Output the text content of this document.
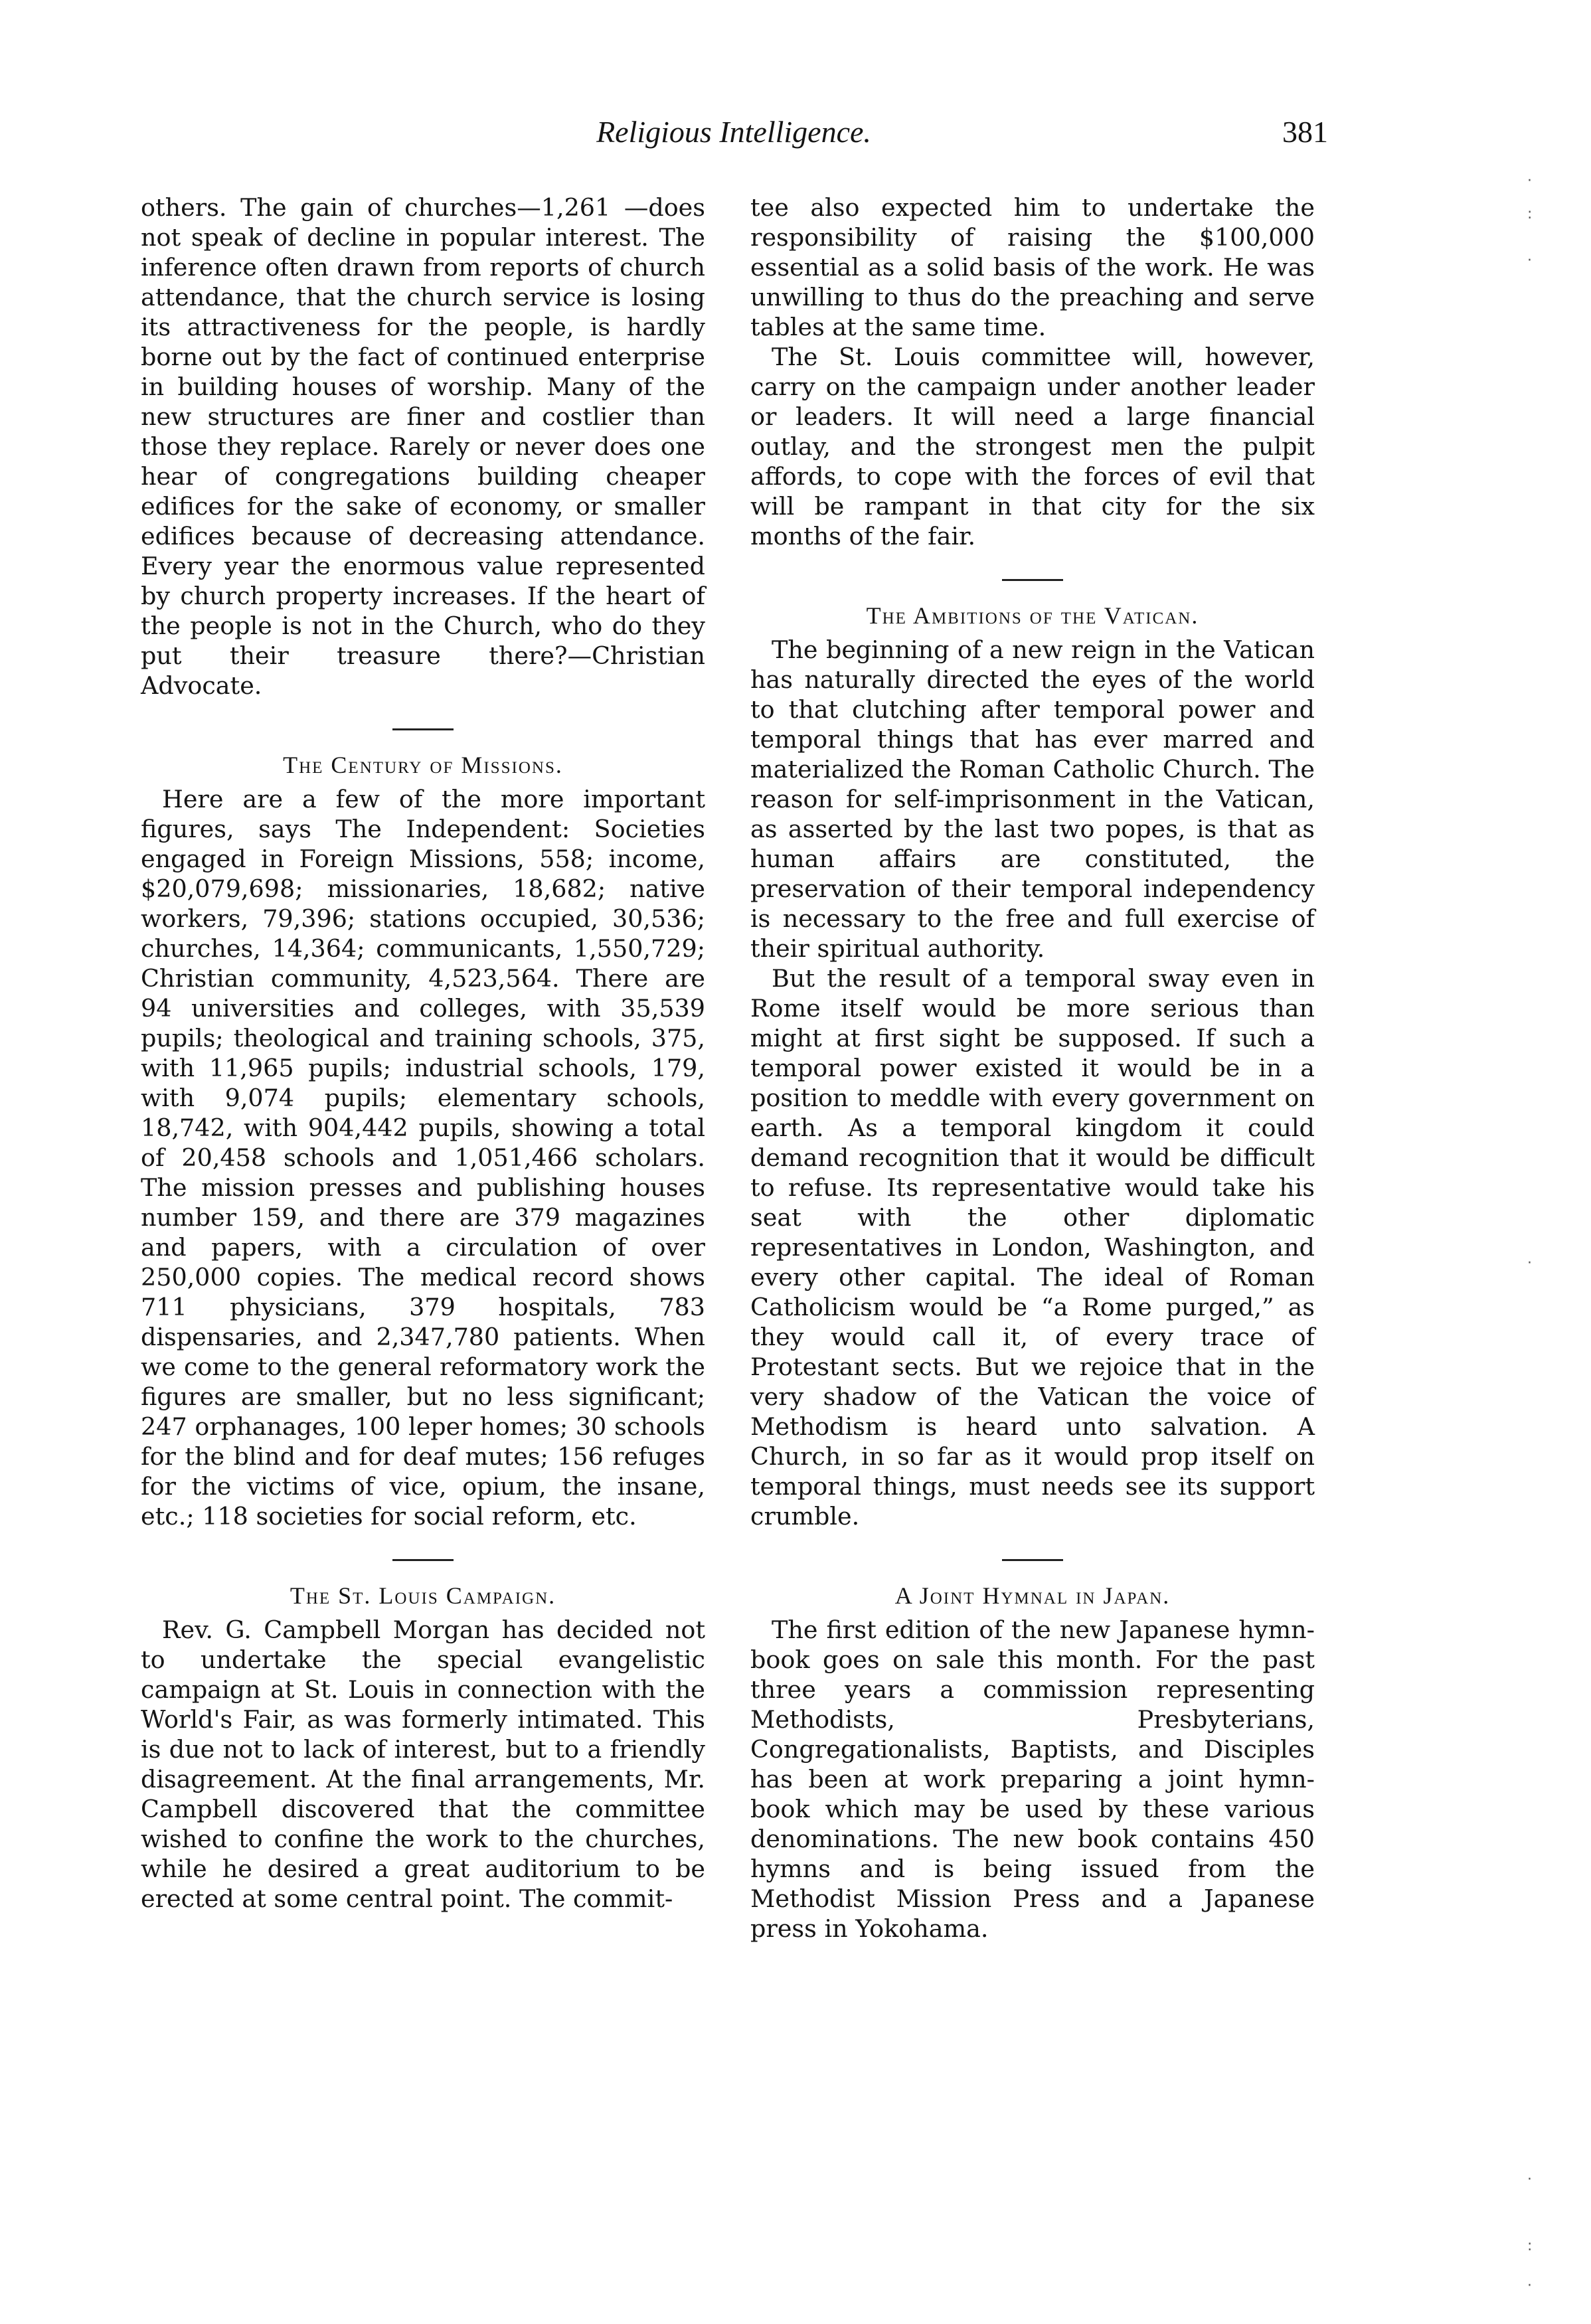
Religious Intelligence.	381

others. The gain of churches—1,261 —does not speak of decline in popular interest. The inference often drawn from reports of church attendance, that the church service is losing its attractiveness for the people, is hardly borne out by the fact of continued enterprise in building houses of worship. Many of the new structures are finer and costlier than those they replace. Rarely or never does one hear of congregations building cheaper edifices for the sake of economy, or smaller edifices because of decreasing attendance. Every year the enormous value represented by church property increases. If the heart of the people is not in the Church, who do they put their treasure there?—Christian Advocate.

The Century of Missions.

Here are a few of the more important figures, says The Independent: Societies engaged in Foreign Missions, 558; income, $20,079,698; missionaries, 18,682; native workers, 79,396; stations occupied, 30,536; churches, 14,364; communicants, 1,550,729; Christian community, 4,523,564. There are 94 universities and colleges, with 35,539 pupils; theological and training schools, 375, with 11,965 pupils; industrial schools, 179, with 9,074 pupils; elementary schools, 18,742, with 904,442 pupils, showing a total of 20,458 schools and 1,051,466 scholars. The mission presses and publishing houses number 159, and there are 379 magazines and papers, with a circulation of over 250,000 copies. The medical record shows 711 physicians, 379 hospitals, 783 dispensaries, and 2,347,780 patients. When we come to the general reformatory work the figures are smaller, but no less significant; 247 orphanages, 100 leper homes; 30 schools for the blind and for deaf mutes; 156 refuges for the victims of vice, opium, the insane, etc.; 118 societies for social reform, etc.

The St. Louis Campaign.

Rev. G. Campbell Morgan has decided not to undertake the special evangelistic campaign at St. Louis in connection with the World's Fair, as was formerly intimated. This is due not to lack of interest, but to a friendly disagreement. At the final arrangements, Mr. Campbell discovered that the committee wished to confine the work to the churches, while he desired a great auditorium to be erected at some central point. The commit-

tee also expected him to undertake the responsibility of raising the $100,000 essential as a solid basis of the work. He was unwilling to thus do the preaching and serve tables at the same time.

The St. Louis committee will, however, carry on the campaign under another leader or leaders. It will need a large financial outlay, and the strongest men the pulpit affords, to cope with the forces of evil that will be rampant in that city for the six months of the fair.

The Ambitions of the Vatican.

The beginning of a new reign in the Vatican has naturally directed the eyes of the world to that clutching after temporal power and temporal things that has ever marred and materialized the Roman Catholic Church. The reason for self-imprisonment in the Vatican, as asserted by the last two popes, is that as human affairs are constituted, the preservation of their temporal independency is necessary to the free and full exercise of their spiritual authority.

But the result of a temporal sway even in Rome itself would be more serious than might at first sight be supposed. If such a temporal power existed it would be in a position to meddle with every government on earth. As a temporal kingdom it could demand recognition that it would be difficult to refuse. Its representative would take his seat with the other diplomatic representatives in London, Washington, and every other capital. The ideal of Roman Catholicism would be “a Rome purged,” as they would call it, of every trace of Protestant sects. But we rejoice that in the very shadow of the Vatican the voice of Methodism is heard unto salvation. A Church, in so far as it would prop itself on temporal things, must needs see its support crumble.

A Joint Hymnal in Japan.

The first edition of the new Japanese hymn-book goes on sale this month. For the past three years a commission representing Methodists, Presbyterians, Congregationalists, Baptists, and Disciples has been at work preparing a joint hymn-book which may be used by these various denominations. The new book contains 450 hymns and is being issued from the Methodist Mission Press and a Japanese press in Yokohama.

·
:
·
·
·
:
·
